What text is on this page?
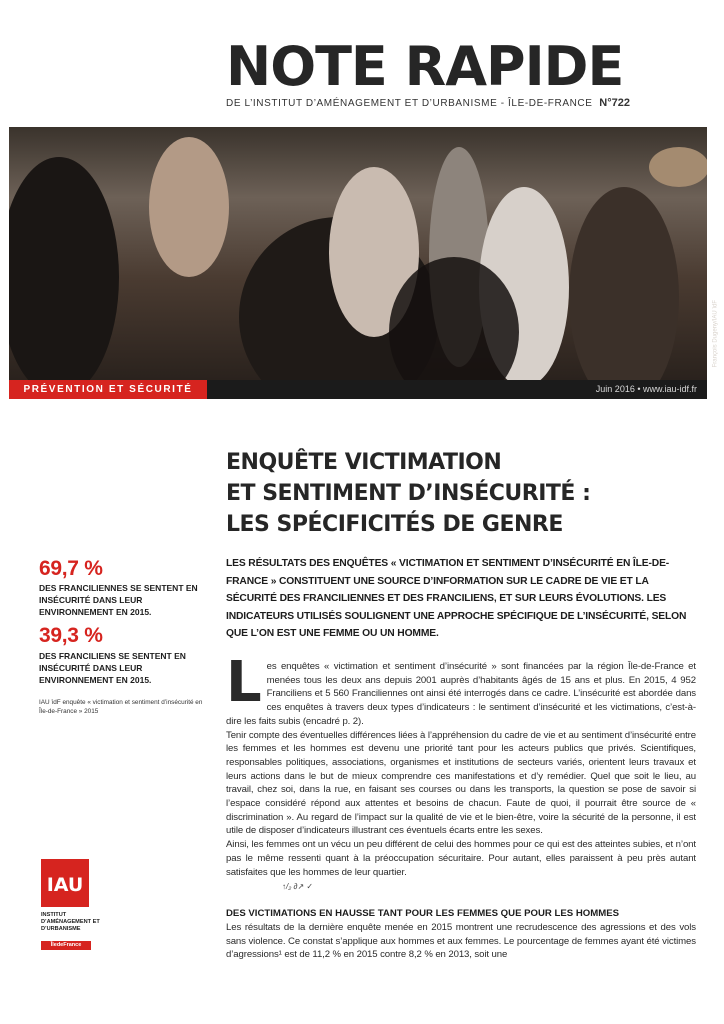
NOTE RAPIDE
DE L’INSTITUT D’AMÉNAGEMENT ET D’URBANISME - ÎLE-DE-FRANCE N°722
François Dugeny/IAU îdF
PRÉVENTION ET SÉCURITÉ	Juin 2016 • www.iau-idf.fr
ENQUÊTE VICTIMATION
ET SENTIMENT D’INSÉCURITÉ :
LES SPÉCIFICITÉS DE GENRE
69,7 %
DES FRANCILIENNES SE SENTENT EN INSÉCURITÉ DANS LEUR ENVIRONNEMENT EN 2015.
39,3 %
DES FRANCILIENS SE SENTENT EN INSÉCURITÉ DANS LEUR ENVIRONNEMENT EN 2015.
IAU îdF enquête « victimation et sentiment d’insécurité en Île-de-France » 2015
LES RÉSULTATS DES ENQUÊTES « VICTIMATION ET SENTIMENT D’INSÉCURITÉ EN ÎLE-DE-FRANCE » CONSTITUENT UNE SOURCE D’INFORMATION SUR LE CADRE DE VIE ET LA SÉCURITÉ DES FRANCILIENNES ET DES FRANCILIENS, ET SUR LEURS ÉVOLUTIONS. LES INDICATEURS UTILISÉS SOULIGNENT UNE APPROCHE SPÉCIFIQUE DE L’INSÉCURITÉ, SELON QUE L’ON EST UNE FEMME OU UN HOMME.
L es enquêtes « victimation et sentiment d’insécurité » sont financées par la région Île-de-France et menées tous les deux ans depuis 2001 auprès d’habitants âgés de 15 ans et plus. En 2015, 4 952 Franciliens et 5 560 Franciliennes ont ainsi été interrogés dans ce cadre. L’insécurité est abordée dans ces enquêtes à travers deux types d’indicateurs : le sentiment d’insécurité et les victimations, c’est-à-dire les faits subis (encadré p. 2).

Tenir compte des éventuelles différences liées à l’appréhension du cadre de vie et au sentiment d’insécurité entre les femmes et les hommes est devenu une priorité tant pour les acteurs publics que privés. Scientifiques, responsables politiques, associations, organismes et institutions de secteurs variés, orientent leurs travaux et leurs actions dans le but de mieux comprendre ces manifestations et d’y remédier. Quel que soit le lieu, au travail, chez soi, dans la rue, en faisant ses courses ou dans les transports, la question se pose de savoir si l’espace considéré répond aux attentes et besoins de chacun. Faute de quoi, il pourrait être source de « discrimination ». Au regard de l’impact sur la qualité de vie et le bien-être, voire la sécurité de la personne, il est utile de disposer d’indicateurs illustrant ces éventuels écarts entre les sexes.

Ainsi, les femmes ont un vécu un peu différent de celui des hommes pour ce qui est des atteintes subies, et n’ont pas le même ressenti quant à la préoccupation sécuritaire. Pour autant, elles paraissent à peu près autant satisfaites que les hommes de leur quartier.

↑/₂ ∂↗ ✓
DES VICTIMATIONS EN HAUSSE TANT POUR LES FEMMES QUE POUR LES HOMMES
Les résultats de la dernière enquête menée en 2015 montrent une recrudescence des agressions et des vols sans violence. Ce constat s’applique aux hommes et aux femmes. Le pourcentage de femmes ayant été victimes d’agressions¹ est de 11,2 % en 2015 contre 8,2 % en 2013, soit une
IAU
INSTITUT D’AMÉNAGEMENT ET D’URBANISME
ÎledeFrance
